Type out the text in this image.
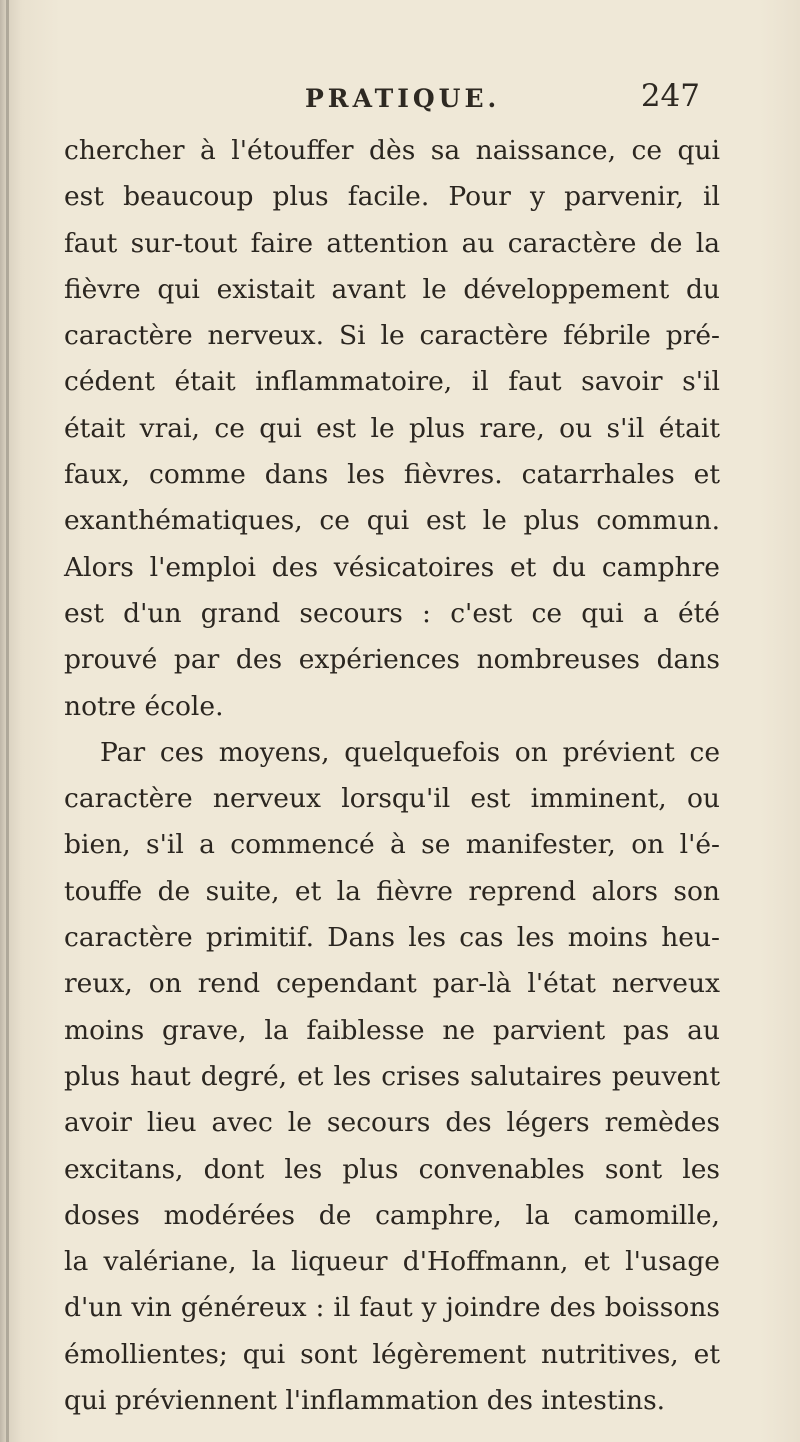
PRATIQUE.	247
chercher à l'étouffer dès sa naissance, ce qui
est beaucoup plus facile. Pour y parvenir, il
faut sur-tout faire attention au caractère de la
fièvre qui existait avant le développement du
caractère nerveux. Si le caractère fébrile pré-
cédent était inflammatoire, il faut savoir s'il
était vrai, ce qui est le plus rare, ou s'il était
faux, comme dans les fièvres. catarrhales et
exanthématiques, ce qui est le plus commun.
Alors l'emploi des vésicatoires et du camphre
est d'un grand secours : c'est ce qui a été
prouvé par des expériences nombreuses dans
notre école.
Par ces moyens, quelquefois on prévient ce
caractère nerveux lorsqu'il est imminent, ou
bien, s'il a commencé à se manifester, on l'é-
touffe de suite, et la fièvre reprend alors son
caractère primitif. Dans les cas les moins heu-
reux, on rend cependant par-là l'état nerveux
moins grave, la faiblesse ne parvient pas au
plus haut degré, et les crises salutaires peuvent
avoir lieu avec le secours des légers remèdes
excitans, dont les plus convenables sont les
doses modérées de camphre, la camomille,
la valériane, la liqueur d'Hoffmann, et l'usage
d'un vin généreux : il faut y joindre des boissons
émollientes; qui sont légèrement nutritives, et
qui préviennent l'inflammation des intestins.
